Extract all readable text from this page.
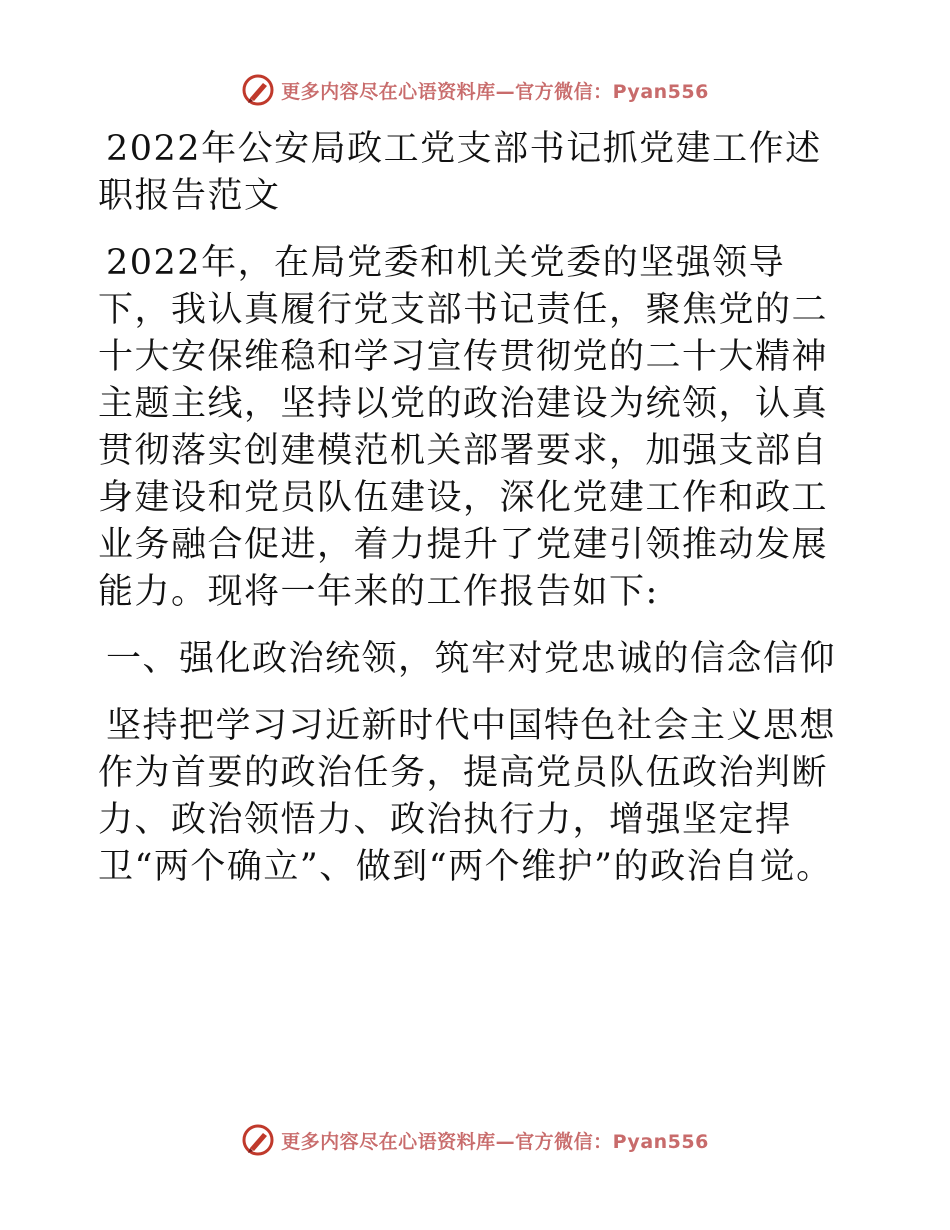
更多内容尽在心语资料库—官方微信：Pyan556

2022年公安局政工党支部书记抓党建工作述职报告范文

2022年，在局党委和机关党委的坚强领导下，我认真履行党支部书记责任，聚焦党的二十大安保维稳和学习宣传贯彻党的二十大精神主题主线，坚持以党的政治建设为统领，认真贯彻落实创建模范机关部署要求，加强支部自身建设和党员队伍建设，深化党建工作和政工业务融合促进，着力提升了党建引领推动发展能力。现将一年来的工作报告如下:

一、强化政治统领，筑牢对党忠诚的信念信仰

坚持把学习习近新时代中国特色社会主义思想作为首要的政治任务，提高党员队伍政治判断力、政治领悟力、政治执行力，增强坚定捍卫“两个确立”、做到“两个维护”的政治自觉。

更多内容尽在心语资料库—官方微信：Pyan556
